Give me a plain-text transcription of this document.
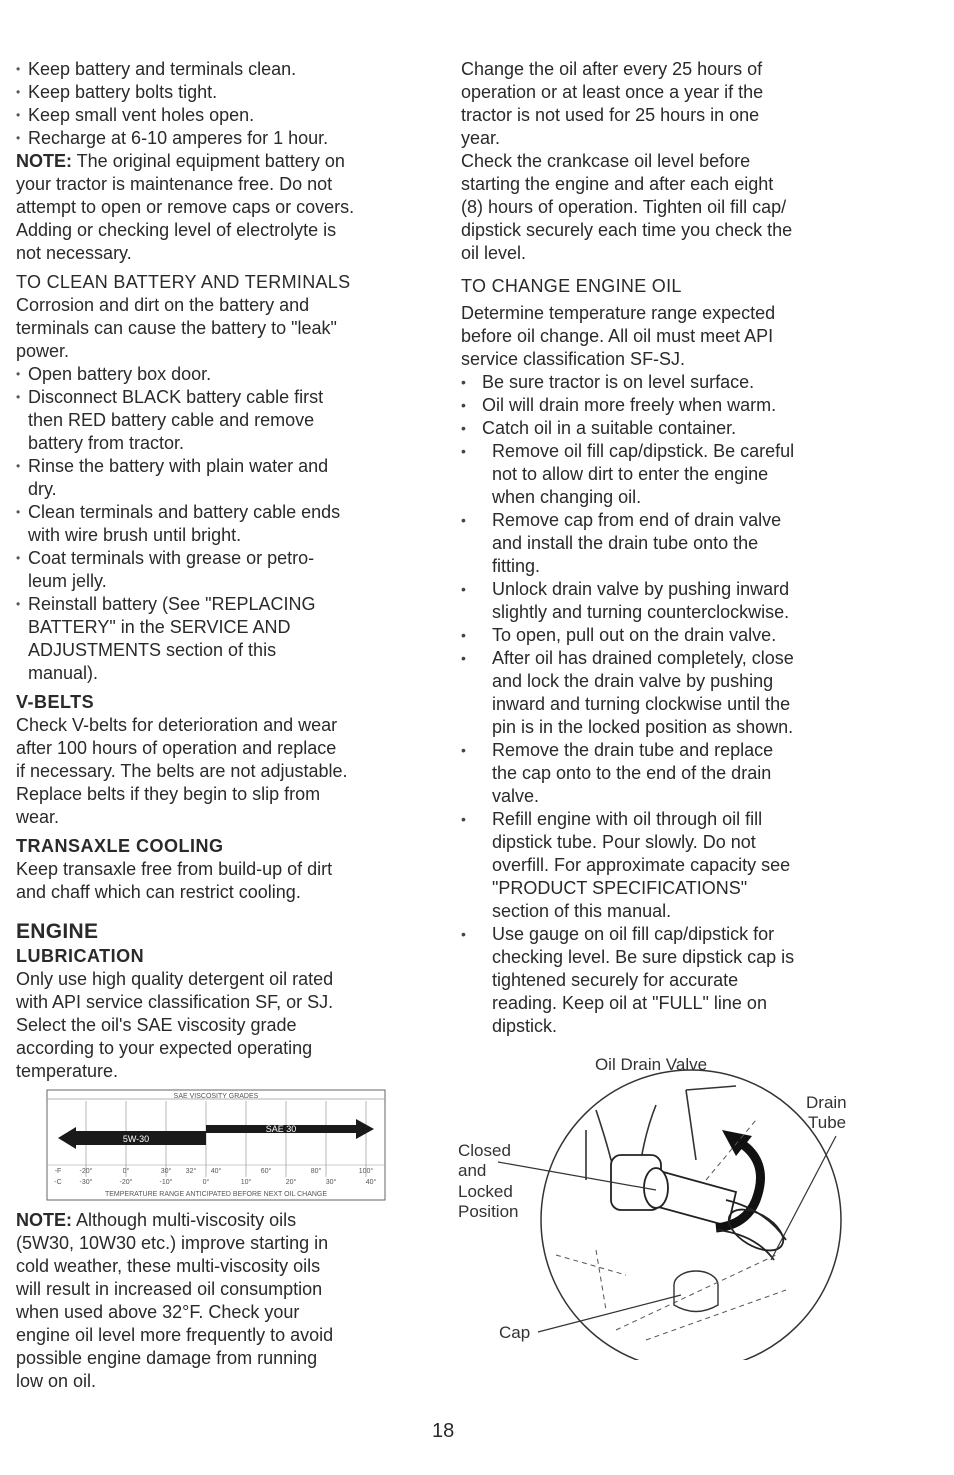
• Keep battery and terminals clean.

• Keep battery bolts tight.

• Keep small vent holes open.

• Recharge at 6-10 amperes for 1 hour.

NOTE: The original equipment battery on

your tractor is maintenance free. Do not

attempt to open or remove caps or covers.

Adding or checking level of electrolyte is

not necessary.

TO CLEAN BATTERY AND TERMINALS

Corrosion and dirt on the battery and

terminals can cause the battery to "leak"

power.

• Open battery box door.
• Disconnect BLACK battery cable first
then RED battery cable and remove
battery from tractor.
• Rinse the battery with plain water and
dry.
• Clean terminals and battery cable ends
with wire brush until bright.
• Coat terminals with grease or petro-
leum jelly.
• Reinstall battery (See "REPLACING
BATTERY" in the SERVICE AND
ADJUSTMENTS section of this
manual).

V-BELTS

Check V-belts for deterioration and wear

after 100 hours of operation and replace

if necessary. The belts are not adjustable.

Replace belts if they begin to slip from

wear.

TRANSAXLE COOLING

Keep transaxle free from build-up of dirt

and chaff which can restrict cooling.

ENGINE

LUBRICATION

Only use high quality detergent oil rated

with API service classification SF, or SJ.

Select the oil's SAE viscosity grade

according to your expected operating

temperature.

SAE VISCOSITY GRADES
5W-30
SAE 30
-F	-20°	0°	30° 32° 40°	60°	80°	100°
-C	-30°	-20°	-10°	0°	10°	20°	30°	40°
TEMPERATURE RANGE ANTICIPATED BEFORE NEXT OIL CHANGE

NOTE: Although multi-viscosity oils

(5W30, 10W30 etc.) improve starting in

cold weather, these multi-viscosity oils

will result in increased oil consumption

when used above 32°F. Check your

engine oil level more frequently to avoid

possible engine damage from running

low on oil.

Change the oil after every 25 hours of

operation or at least once a year if the

tractor is not used for 25 hours in one

year.

Check the crankcase oil level before

starting the engine and after each eight

(8) hours of operation. Tighten oil fill cap/

dipstick securely each time you check the

oil level.

TO CHANGE ENGINE OIL

Determine temperature range expected

before oil change. All oil must meet API

service classification SF-SJ.

• Be sure tractor is on level surface.

• Oil will drain more freely when warm.

• Catch oil in a suitable container.

• Remove oil fill cap/dipstick. Be careful
not to allow dirt to enter the engine
when changing oil.
• Remove cap from end of drain valve
and install the drain tube onto the
fitting.
• Unlock drain valve by pushing inward
slightly and turning counterclockwise.
• To open, pull out on the drain valve.
• After oil has drained completely, close
and lock the drain valve by pushing
inward and turning clockwise until the
pin is in the locked position as shown.
• Remove the drain tube and replace
the cap onto to the end of the drain
valve.
• Refill engine with oil through oil fill
dipstick tube. Pour slowly. Do not
overfill. For approximate capacity see
"PRODUCT SPECIFICATIONS"
section of this manual.
• Use gauge on oil fill cap/dipstick for
checking level. Be sure dipstick cap is
tightened securely for accurate
reading. Keep oil at "FULL" line on
dipstick.
Oil Drain Valve
Drain
Tube
Closed
and
Locked
Position
Cap
18
